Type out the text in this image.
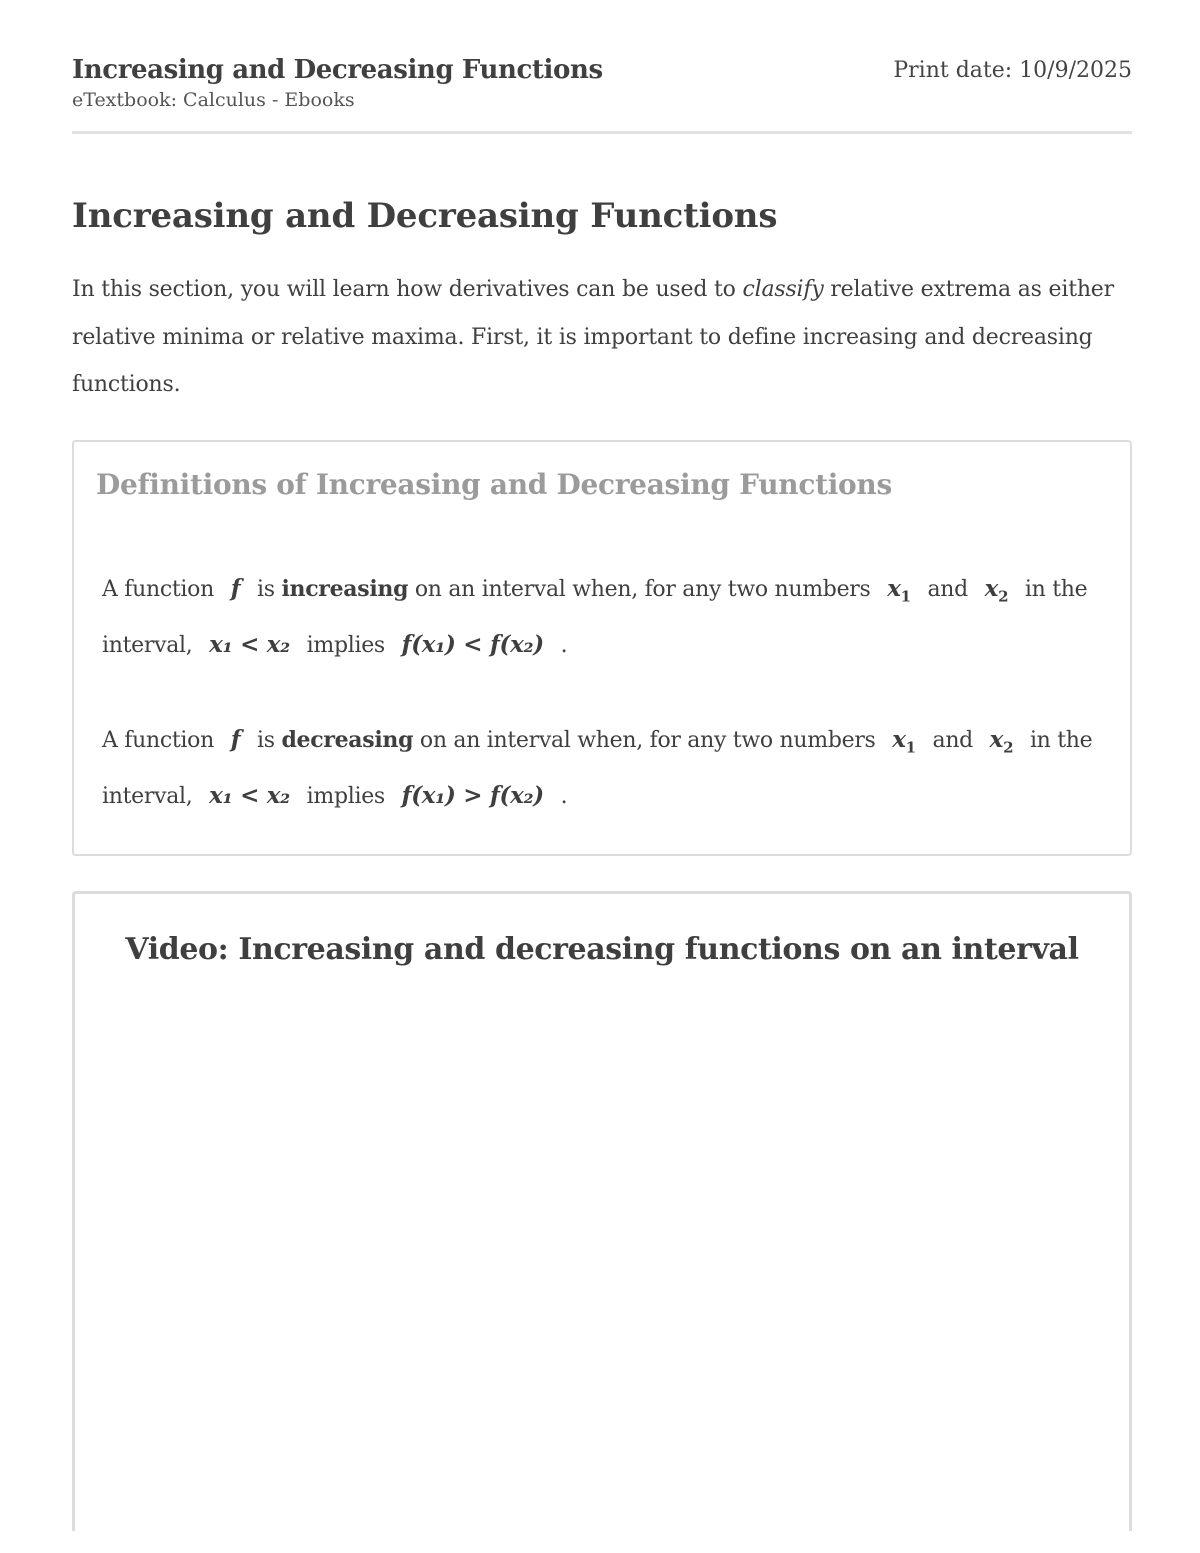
Increasing and Decreasing Functions
eTextbook: Calculus - Ebooks
Print date: 10/9/2025
Increasing and Decreasing Functions

In this section, you will learn how derivatives can be used to classify relative extrema as either relative minima or relative maxima. First, it is important to define increasing and decreasing functions.

Definitions of Increasing and Decreasing Functions

A function f is increasing on an interval when, for any two numbers $x_1$ and $x_2$ in the interval, x₁ < x₂ implies f(x₁) < f(x₂) .

A function f is decreasing on an interval when, for any two numbers $x_1$ and $x_2$ in the interval, x₁ < x₂ implies f(x₁) > f(x₂) .

Video: Increasing and decreasing functions on an interval
